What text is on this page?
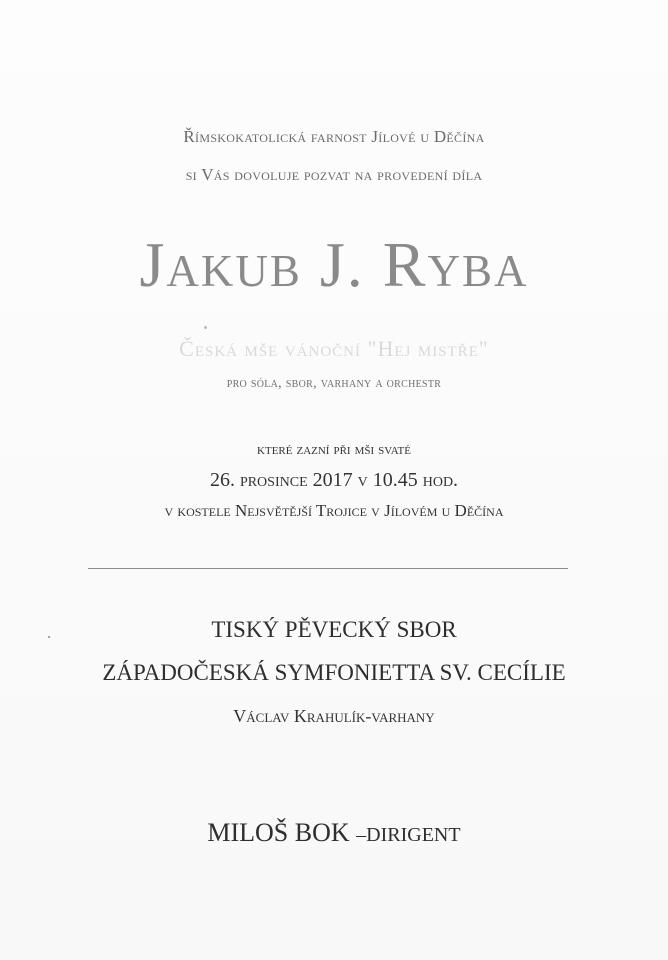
Římskokatolická farnost Jílové u Děčína
si Vás dovoluje pozvat na provedení díla
Jakub J. Ryba
Česká mše vánoční "Hej mistře"
pro sóla, sbor, varhany a orchestr
které zazní při mši svaté
26. prosince 2017 v 10.45 hod.
v kostele Nejsvětější Trojice v Jílovém u Děčína
TISKÝ PĚVECKÝ SBOR
ZÁPADOČESKÁ SYMFONIETTA SV. CECÍLIE
Václav Krahulík-varhany
MILOŠ BOK –DIRIGENT
